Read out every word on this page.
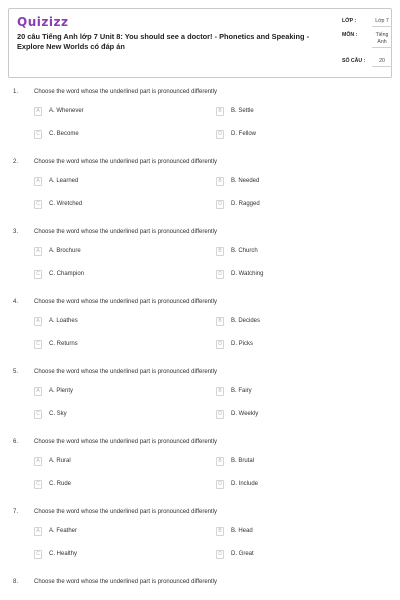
Quizizz
20 câu Tiếng Anh lớp 7 Unit 8: You should see a doctor! - Phonetics and Speaking - Explore New Worlds có đáp án
LỚP :	Lớp 7
MÔN :	Tiếng Anh
SỐ CÂU :	20
1.	Choose the word whose the underlined part is pronounced differently
A	A. Whenever	B	B. Settle
C	C. Become	D	D. Fellow
2.	Choose the word whose the underlined part is pronounced differently
A	A. Learned	B	B. Needed
C	C. Wretched	D	D. Ragged
3.	Choose the word whose the underlined part is pronounced differently
A	A. Brochure	B	B. Church
C	C. Champion	D	D. Watching
4.	Choose the word whose the underlined part is pronounced differently
A	A. Loathes	B	B. Decides
C	C. Returns	D	D. Picks
5.	Choose the word whose the underlined part is pronounced differently
A	A. Plenty	B	B. Fairy
C	C. Sky	D	D. Weekly
6.	Choose the word whose the underlined part is pronounced differently
A	A. Rural	B	B. Brutal
C	C. Rude	D	D. Include
7.	Choose the word whose the underlined part is pronounced differently
A	A. Feather	B	B. Head
C	C. Healthy	D	D. Great
8.	Choose the word whose the underlined part is pronounced differently
